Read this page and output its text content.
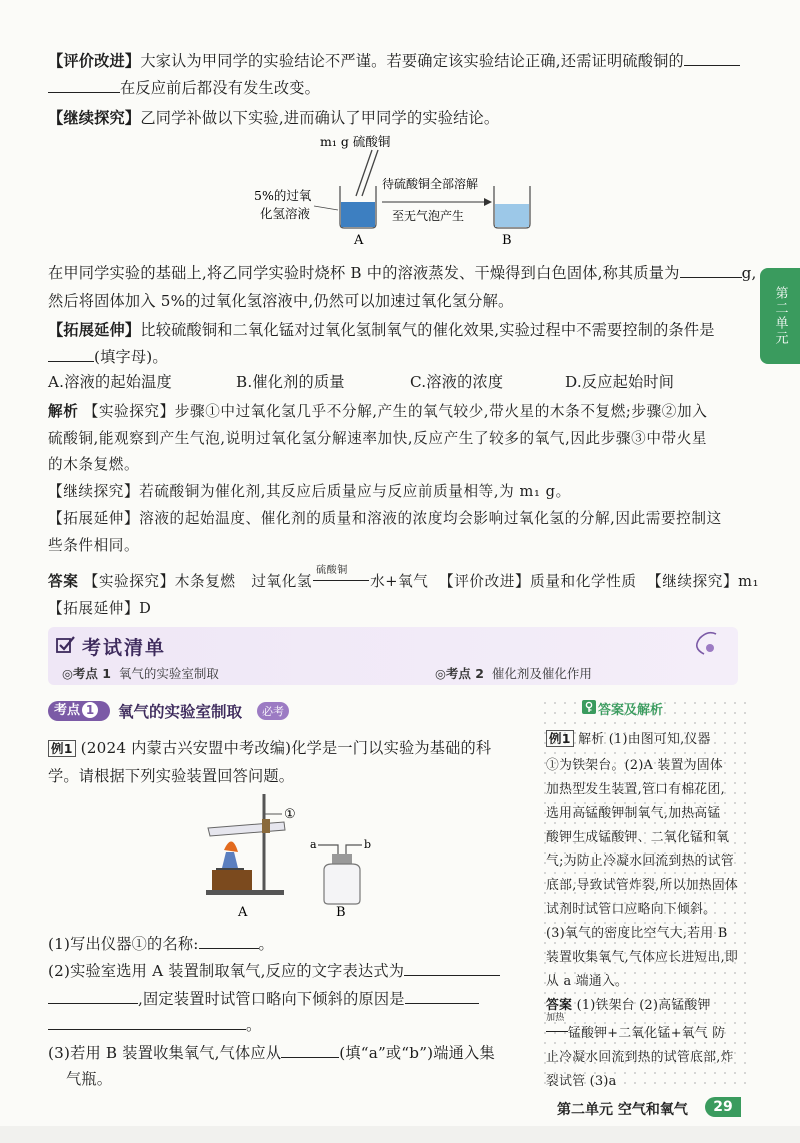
第二单元
【评价改进】大家认为甲同学的实验结论不严谨。若要确定该实验结论正确,还需证明硫酸铜的
在反应前后都没有发生改变。
【继续探究】乙同学补做以下实验,进而确认了甲同学的实验结论。
m₁ g 硫酸铜
5%的过氧
化氢溶液
待硫酸铜全部溶解
至无气泡产生
A	B
在甲同学实验的基础上,将乙同学实验时烧杯 B 中的溶液蒸发、干燥得到白色固体,称其质量为	g,
然后将固体加入 5%的过氧化氢溶液中,仍然可以加速过氧化氢分解。
【拓展延伸】比较硫酸铜和二氧化锰对过氧化氢制氧气的催化效果,实验过程中不需要控制的条件是
(填字母)。
A.溶液的起始温度	B.催化剂的质量	C.溶液的浓度	D.反应起始时间
解析 【实验探究】步骤①中过氧化氢几乎不分解,产生的氧气较少,带火星的木条不复燃;步骤②加入
硫酸铜,能观察到产生气泡,说明过氧化氢分解速率加快,反应产生了较多的氧气,因此步骤③中带火星
的木条复燃。
【继续探究】若硫酸铜为催化剂,其反应后质量应与反应前质量相等,为 m₁ g。
【拓展延伸】溶液的起始温度、催化剂的质量和溶液的浓度均会影响过氧化氢的分解,因此需要控制这
些条件相同。
答案 【实验探究】木条复燃 过氧化氢
硫酸铜
水+氧气 【评价改进】质量和化学性质 【继续探究】m₁
【拓展延伸】D
考试清单
◎考点 1 氧气的实验室制取	◎考点 2 催化剂及催化作用
考点 1	氧气的实验室制取	必考
例1 (2024 内蒙古兴安盟中考改编)化学是一门以实验为基础的科
学。请根据下列实验装置回答问题。
①
a	b
A	B
(1)写出仪器①的名称:	。
(2)实验室选用 A 装置制取氧气,反应的文字表达式为
,固定装置时试管口略向下倾斜的原因是
。
(3)若用 B 装置收集氧气,气体应从	(填“a”或“b”)端通入集
气瓶。
答案及解析
例1 解析 (1)由图可知,仪器
①为铁架台。(2)A 装置为固体
加热型发生装置,管口有棉花团,
选用高锰酸钾制氧气,加热高锰
酸钾生成锰酸钾、二氧化锰和氧
气;为防止冷凝水回流到热的试管
底部,导致试管炸裂,所以加热固体
试剂时试管口应略向下倾斜。
(3)氧气的密度比空气大,若用 B
装置收集氧气,气体应长进短出,即
从 a 端通入。
答案 (1)铁架台 (2)高锰酸钾
加热
锰酸钾+二氧化锰+氧气 防
止冷凝水回流到热的试管底部,炸
裂试管 (3)a
第二单元 空气和氧气	29
